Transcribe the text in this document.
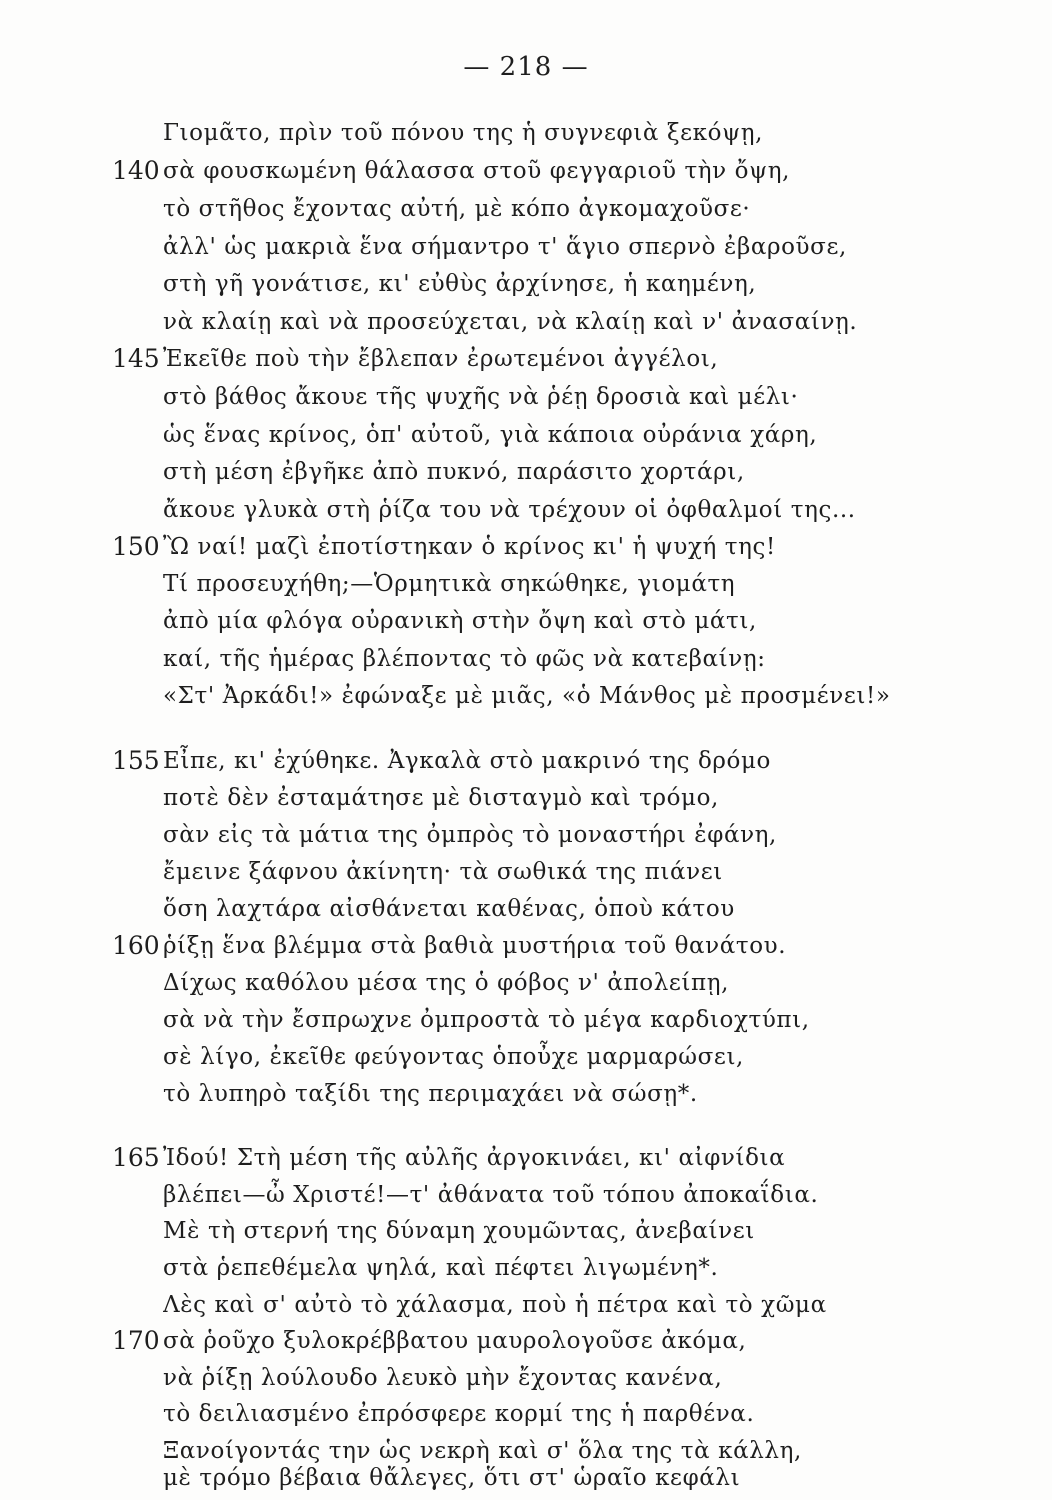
— 218 —
Γιομᾶτο, πρὶν τοῦ πόνου της ἡ συγνεφιὰ ξεκόψῃ,
140 σὰ φουσκωμένη θάλασσα στοῦ φεγγαριοῦ τὴν ὄψη,
τὸ στῆθος ἔχοντας αὐτή, μὲ κόπο ἀγκομαχοῦσε·
ἀλλ' ὡς μακριὰ ἕνα σήμαντρο τ' ἅγιο σπερνὸ ἐβαροῦσε,
στὴ γῆ γονάτισε, κι' εὐθὺς ἀρχίνησε, ἡ καημένη,
νὰ κλαίῃ καὶ νὰ προσεύχεται, νὰ κλαίῃ καὶ ν' ἀνασαίνῃ.
145 Ἐκεῖθε ποὺ τὴν ἔβλεπαν ἐρωτεμένοι ἀγγέλοι,
στὸ βάθος ἄκουε τῆς ψυχῆς νὰ ῥέῃ δροσιὰ καὶ μέλι·
ὡς ἕνας κρίνος, ὁπ' αὐτοῦ, γιὰ κάποια οὐράνια χάρη,
στὴ μέση ἐβγῆκε ἀπὸ πυκνό, παράσιτο χορτάρι,
ἄκουε γλυκὰ στὴ ῥίζα του νὰ τρέχουν οἱ ὀφθαλμοί της...
150 Ὢ ναί! μαζὶ ἐποτίστηκαν ὁ κρίνος κι' ἡ ψυχή της!
Τί προσευχήθη;—Ὁρμητικὰ σηκώθηκε, γιομάτη
ἀπὸ μία φλόγα οὐρανικὴ στὴν ὄψη καὶ στὸ μάτι,
καί, τῆς ἡμέρας βλέποντας τὸ φῶς νὰ κατεβαίνῃ:
«Στ' Ἀρκάδι!» ἐφώναξε μὲ μιᾶς, «ὁ Μάνθος μὲ προσμένει!»
155 Εἶπε, κι' ἐχύθηκε. Ἀγκαλὰ στὸ μακρινό της δρόμο
ποτὲ δὲν ἐσταμάτησε μὲ δισταγμὸ καὶ τρόμο,
σὰν εἰς τὰ μάτια της ὀμπρὸς τὸ μοναστήρι ἐφάνη,
ἔμεινε ξάφνου ἀκίνητη· τὰ σωθικά της πιάνει
ὅση λαχτάρα αἰσθάνεται καθένας, ὁποὺ κάτου
160 ῥίξῃ ἕνα βλέμμα στὰ βαθιὰ μυστήρια τοῦ θανάτου.
Δίχως καθόλου μέσα της ὁ φόβος ν' ἀπολείπῃ,
σὰ νὰ τὴν ἔσπρωχνε ὀμπροστὰ τὸ μέγα καρδιοχτύπι,
σὲ λίγο, ἐκεῖθε φεύγοντας ὁποὖχε μαρμαρώσει,
τὸ λυπηρὸ ταξίδι της περιμαχάει νὰ σώσῃ*.
165 Ἰδού! Στὴ μέση τῆς αὐλῆς ἀργοκινάει, κι' αἰφνίδια
βλέπει—ὦ Χριστέ!—τ' ἀθάνατα τοῦ τόπου ἀποκαΐδια.
Μὲ τὴ στερνή της δύναμη χουμῶντας, ἀνεβαίνει
στὰ ῥεπεθέμελα ψηλά, καὶ πέφτει λιγωμένη*.
Λὲς καὶ σ' αὐτὸ τὸ χάλασμα, ποὺ ἡ πέτρα καὶ τὸ χῶμα
170 σὰ ῥοῦχο ξυλοκρέββατου μαυρολογοῦσε ἀκόμα,
νὰ ῥίξῃ λούλουδο λευκὸ μὴν ἔχοντας κανένα,
τὸ δειλιασμένο ἐπρόσφερε κορμί της ἡ παρθένα.
Ξανοίγοντάς την ὡς νεκρὴ καὶ σ' ὅλα της τὰ κάλλη,
μὲ τρόμο βέβαια θἄλεγες, ὅτι στ' ὡραῖο κεφάλι
